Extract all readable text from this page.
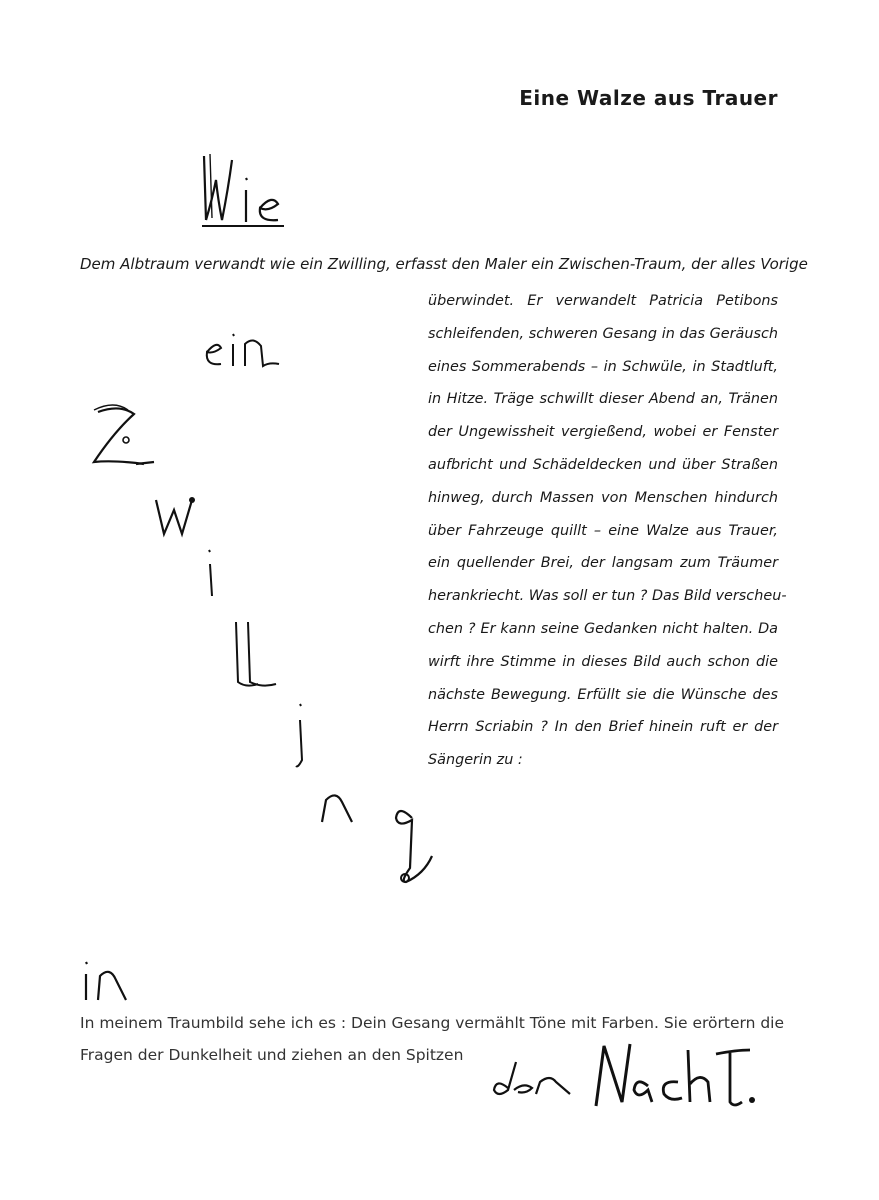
Eine Walze aus Trauer
Dem Albtraum verwandt wie ein Zwilling, erfasst den Maler ein Zwischen-Traum, der alles Vorige
überwindet. Er verwandelt Patricia Petibons
schleifenden, schweren Gesang in das Geräusch
eines Sommerabends – in Schwüle, in Stadtluft,
in Hitze. Träge schwillt dieser Abend an, Tränen
der Ungewissheit vergießend, wobei er Fenster
aufbricht und Schädeldecken und über Straßen
hinweg, durch Massen von Menschen hindurch
über Fahrzeuge quillt – eine Walze aus Trauer,
ein quellender Brei, der langsam zum Träumer
herankriecht. Was soll er tun ? Das Bild verscheu-
chen ? Er kann seine Gedanken nicht halten. Da
wirft ihre Stimme in dieses Bild auch schon die
nächste Bewegung. Erfüllt sie die Wünsche des
Herrn Scriabin ? In den Brief hinein ruft er der
Sängerin zu :
In meinem Traumbild sehe ich es : Dein Gesang vermählt Töne mit Farben. Sie erörtern die
Fragen der Dunkelheit und ziehen an den Spitzen
